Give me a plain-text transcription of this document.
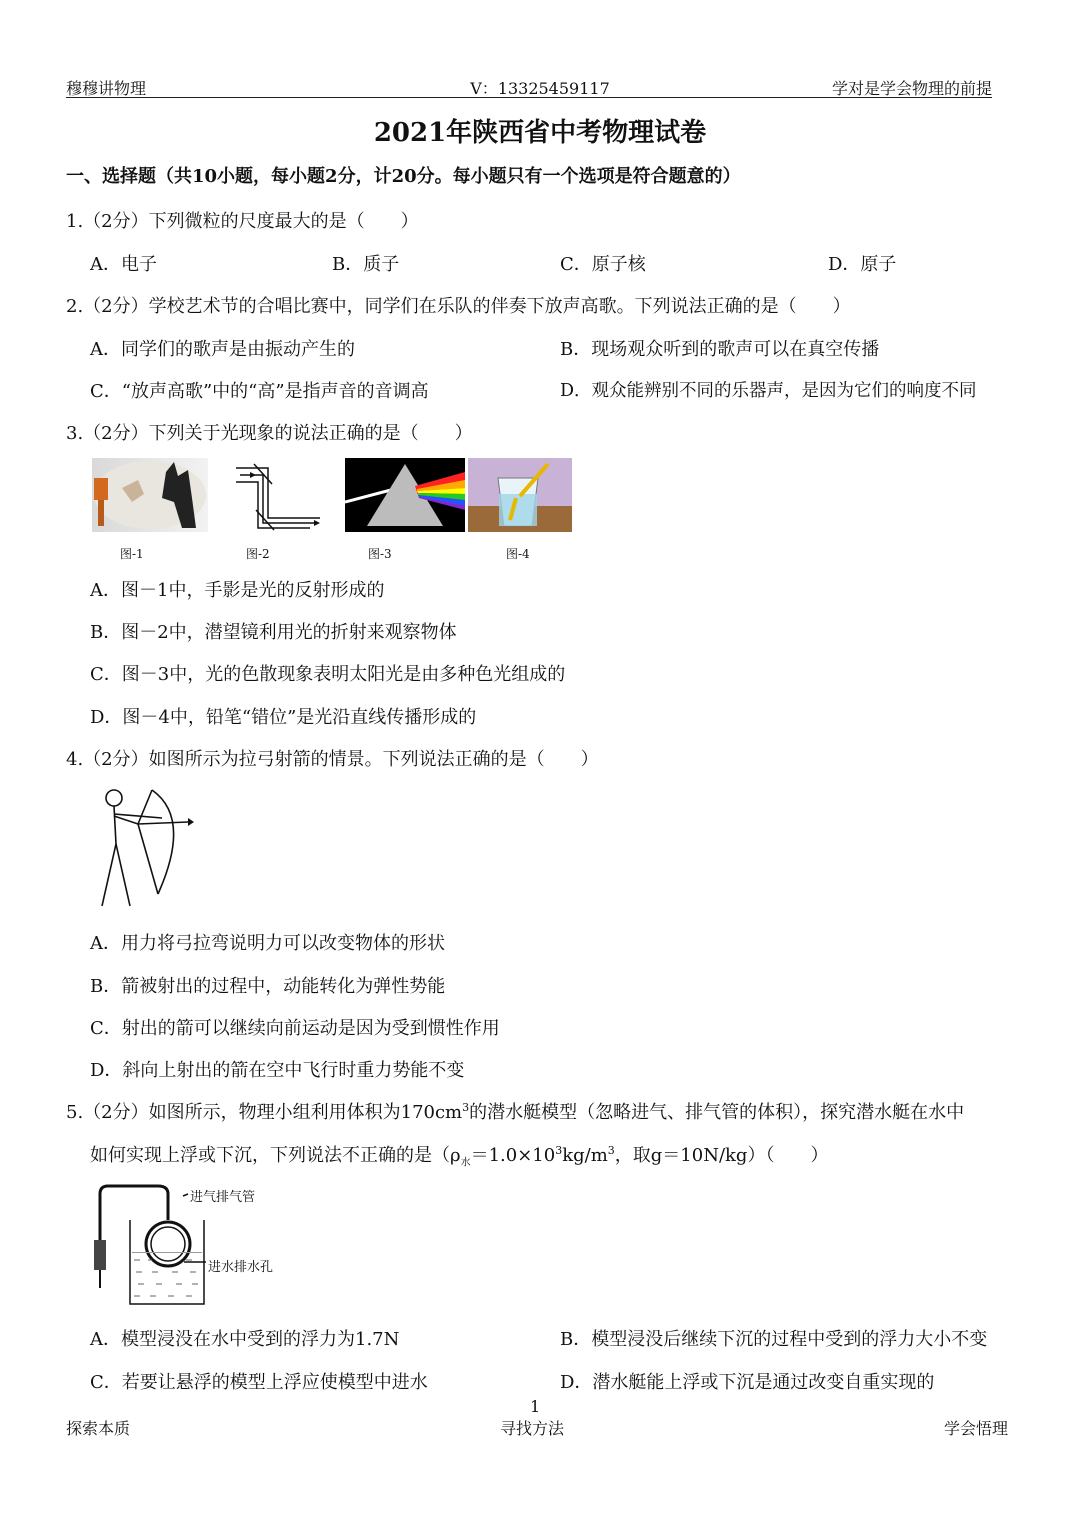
穆穆讲物理	V：13325459117	学对是学会物理的前提
2021年陕西省中考物理试卷
一、选择题（共10小题，每小题2分，计20分。每小题只有一个选项是符合题意的）
1.（2分）下列微粒的尺度最大的是（　　）
A．电子	B．质子	C．原子核	D．原子
2.（2分）学校艺术节的合唱比赛中，同学们在乐队的伴奏下放声高歌。下列说法正确的是（　　）
A．同学们的歌声是由振动产生的	B．现场观众听到的歌声可以在真空传播
C．“放声高歌”中的“高”是指声音的音调高	D．观众能辨别不同的乐器声，是因为它们的响度不同
3.（2分）下列关于光现象的说法正确的是（　　）
图-1	图-2	图-3	图-4
A．图－1中，手影是光的反射形成的
B．图－2中，潜望镜利用光的折射来观察物体
C．图－3中，光的色散现象表明太阳光是由多种色光组成的
D．图－4中，铅笔“错位”是光沿直线传播形成的
4.（2分）如图所示为拉弓射箭的情景。下列说法正确的是（　　）
A．用力将弓拉弯说明力可以改变物体的形状
B．箭被射出的过程中，动能转化为弹性势能
C．射出的箭可以继续向前运动是因为受到惯性作用
D．斜向上射出的箭在空中飞行时重力势能不变
5.（2分）如图所示，物理小组利用体积为$170cm^3$的潜水艇模型（忽略进气、排气管的体积），探究潜水艇在水中
如何实现上浮或下沉，下列说法不正确的是（$\rho_水=1.0\times 10^3kg/m^3$，取g＝10N/kg）（　　）
进气排气管
进水排水孔
A．模型浸没在水中受到的浮力为1.7N	B．模型浸没后继续下沉的过程中受到的浮力大小不变
C．若要让悬浮的模型上浮应使模型中进水	D．潜水艇能上浮或下沉是通过改变自重实现的
1
探索本质	寻找方法	学会悟理
